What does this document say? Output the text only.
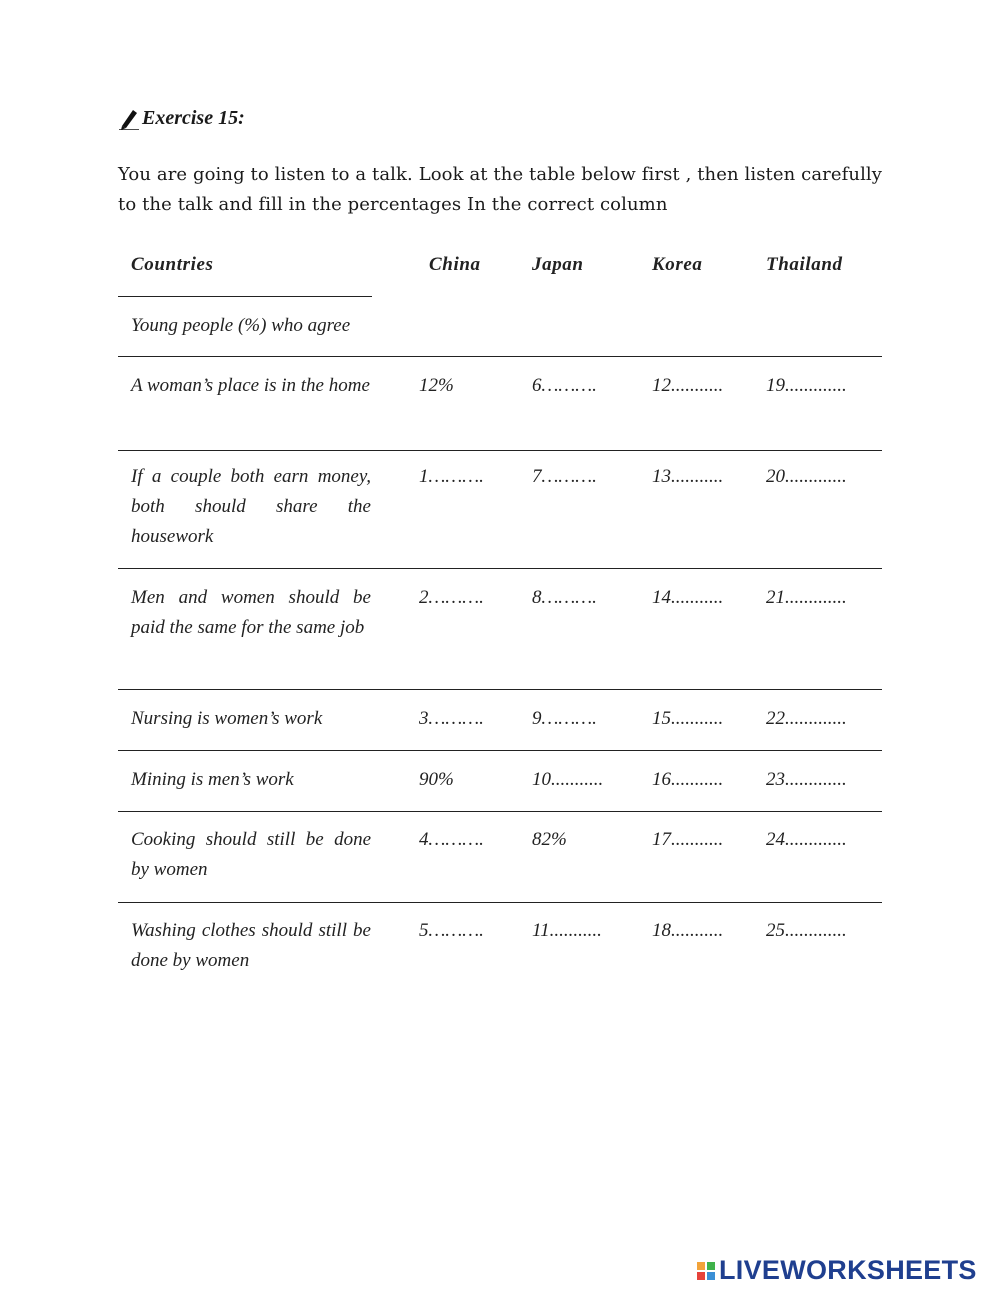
Exercise 15:
You are going to listen to a talk. Look at the table below first , then listen carefully
to the talk and fill in the percentages In the correct column
Countries	China	Japan	Korea	Thailand
Young people (%) who agree
A woman’s place is in the home	12%	6……….	12........... 19.............
If a couple both earn money, both should share the housework
1……….	7……….	13........... 20.............
Men and women should be paid the same for the same job
2……….	8……….	14........... 21.............
Nursing is women’s work	3……….	9……….	15........... 22.............
Mining is men’s work	90%	10...........	16........... 23.............
Cooking should still be done by women
4……….	82%	17........... 24.............
Washing clothes should still be done by women
5……….	11...........	18........... 25.............
LIVEWORKSHEETS
